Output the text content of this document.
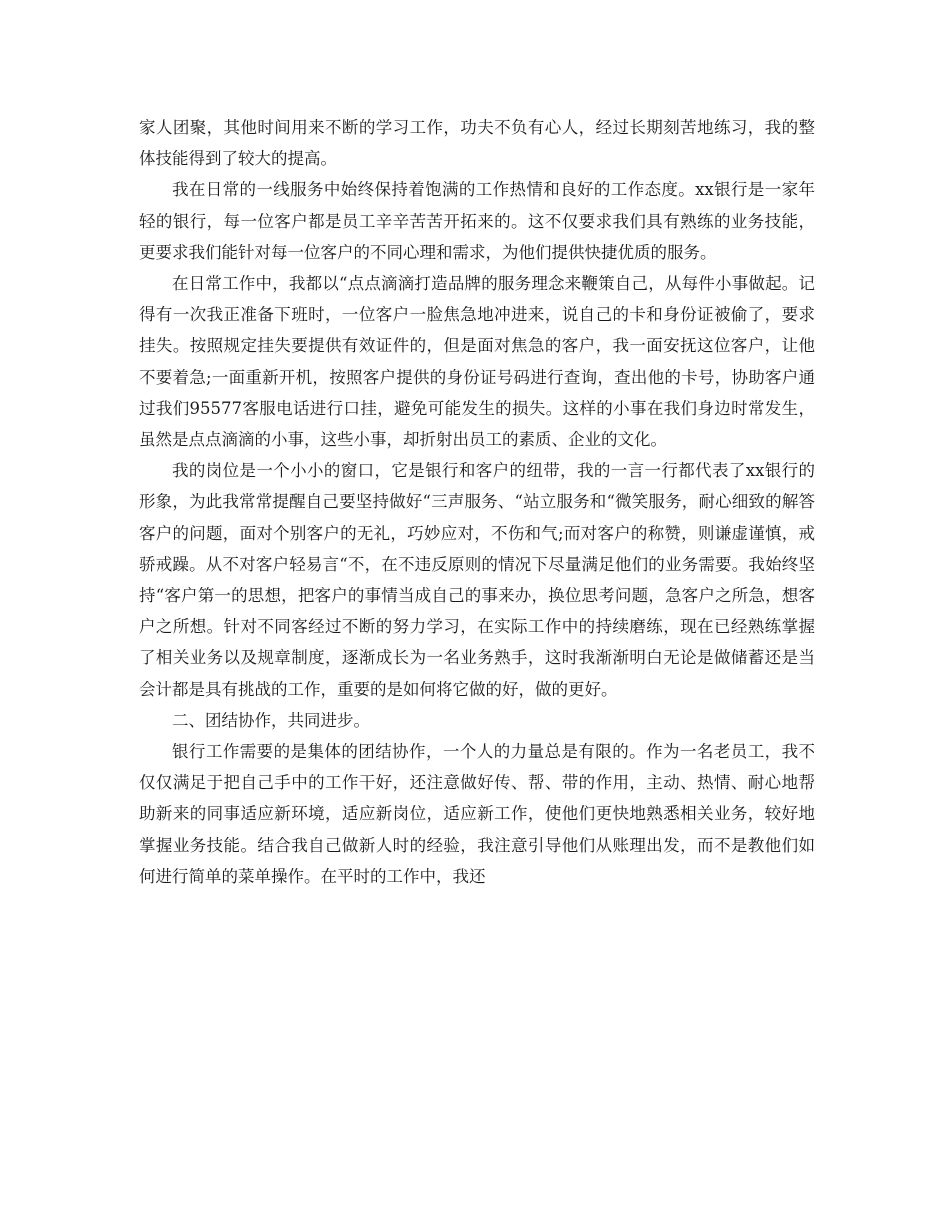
家人团聚，其他时间用来不断的学习工作，功夫不负有心人，经过长期刻苦地练习，我的整体技能得到了较大的提高。

我在日常的一线服务中始终保持着饱满的工作热情和良好的工作态度。xx银行是一家年轻的银行，每一位客户都是员工辛辛苦苦开拓来的。这不仅要求我们具有熟练的业务技能，更要求我们能针对每一位客户的不同心理和需求，为他们提供快捷优质的服务。

在日常工作中，我都以“点点滴滴打造品牌的服务理念来鞭策自己，从每件小事做起。记得有一次我正准备下班时，一位客户一脸焦急地冲进来，说自己的卡和身份证被偷了，要求挂失。按照规定挂失要提供有效证件的，但是面对焦急的客户，我一面安抚这位客户，让他不要着急;一面重新开机，按照客户提供的身份证号码进行查询，查出他的卡号，协助客户通过我们95577客服电话进行口挂，避免可能发生的损失。这样的小事在我们身边时常发生，虽然是点点滴滴的小事，这些小事，却折射出员工的素质、企业的文化。

我的岗位是一个小小的窗口，它是银行和客户的纽带，我的一言一行都代表了xx银行的形象，为此我常常提醒自己要坚持做好“三声服务、“站立服务和“微笑服务，耐心细致的解答客户的问题，面对个别客户的无礼，巧妙应对，不伤和气;而对客户的称赞，则谦虚谨慎，戒骄戒躁。从不对客户轻易言“不，在不违反原则的情况下尽量满足他们的业务需要。我始终坚持“客户第一的思想，把客户的事情当成自己的事来办，换位思考问题，急客户之所急，想客户之所想。针对不同客经过不断的努力学习，在实际工作中的持续磨练，现在已经熟练掌握了相关业务以及规章制度，逐渐成长为一名业务熟手，这时我渐渐明白无论是做储蓄还是当会计都是具有挑战的工作，重要的是如何将它做的好，做的更好。

二、团结协作，共同进步。

银行工作需要的是集体的团结协作，一个人的力量总是有限的。作为一名老员工，我不仅仅满足于把自己手中的工作干好，还注意做好传、帮、带的作用，主动、热情、耐心地帮助新来的同事适应新环境，适应新岗位，适应新工作，使他们更快地熟悉相关业务，较好地掌握业务技能。结合我自己做新人时的经验，我注意引导他们从账理出发，而不是教他们如何进行简单的菜单操作。在平时的工作中，我还
